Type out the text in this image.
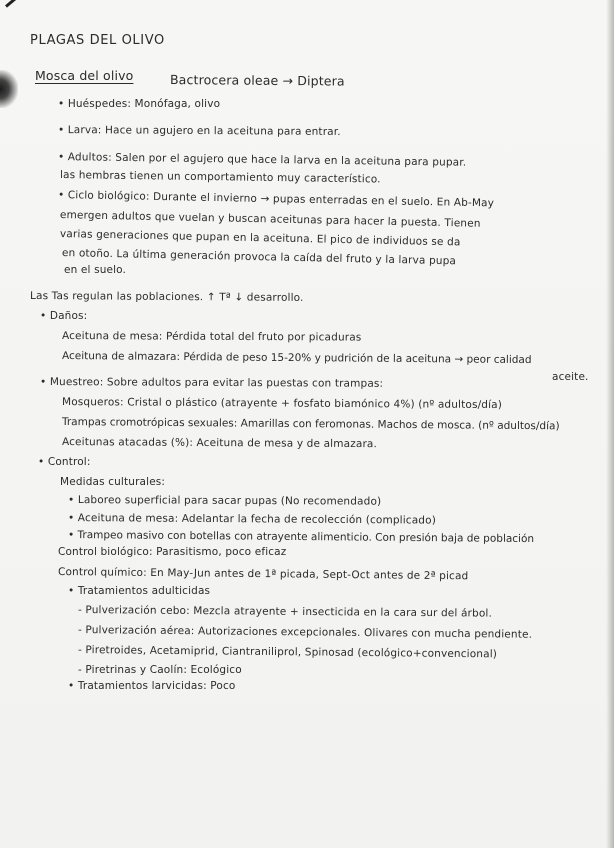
PLAGAS DEL OLIVO
Mosca del olivo	Bactrocera oleae → Diptera
• Huéspedes: Monófaga, olivo
• Larva: Hace un agujero en la aceituna para entrar.
• Adultos: Salen por el agujero que hace la larva en la aceituna para pupar.
las hembras tienen un comportamiento muy característico.
• Ciclo biológico: Durante el invierno → pupas enterradas en el suelo. En Ab-May
emergen adultos que vuelan y buscan aceitunas para hacer la puesta. Tienen
varias generaciones que pupan en la aceituna. El pico de individuos se da
en otoño. La última generación provoca la caída del fruto y la larva pupa
en el suelo.
Las Tas regulan las poblaciones. ↑ Tª ↓ desarrollo.
• Daños:
Aceituna de mesa: Pérdida total del fruto por picaduras
Aceituna de almazara: Pérdida de peso 15-20% y pudrición de la aceituna → peor calidad
aceite.
• Muestreo: Sobre adultos para evitar las puestas con trampas:
Mosqueros: Cristal o plástico (atrayente + fosfato biamónico 4%) (nº adultos/día)
Trampas cromotrópicas sexuales: Amarillas con feromonas. Machos de mosca. (nº adultos/día)
Aceitunas atacadas (%): Aceituna de mesa y de almazara.
• Control:
Medidas culturales:
• Laboreo superficial para sacar pupas (No recomendado)
• Aceituna de mesa: Adelantar la fecha de recolección (complicado)
• Trampeo masivo con botellas con atrayente alimenticio. Con presión baja de población
Control biológico: Parasitismo, poco eficaz
Control químico: En May-Jun antes de 1ª picada, Sept-Oct antes de 2ª picad
• Tratamientos adulticidas
- Pulverización cebo: Mezcla atrayente + insecticida en la cara sur del árbol.
- Pulverización aérea: Autorizaciones excepcionales. Olivares con mucha pendiente.
- Piretroides, Acetamiprid, Ciantraniliprol, Spinosad (ecológico+convencional)
- Piretrinas y Caolín: Ecológico
• Tratamientos larvicidas: Poco
